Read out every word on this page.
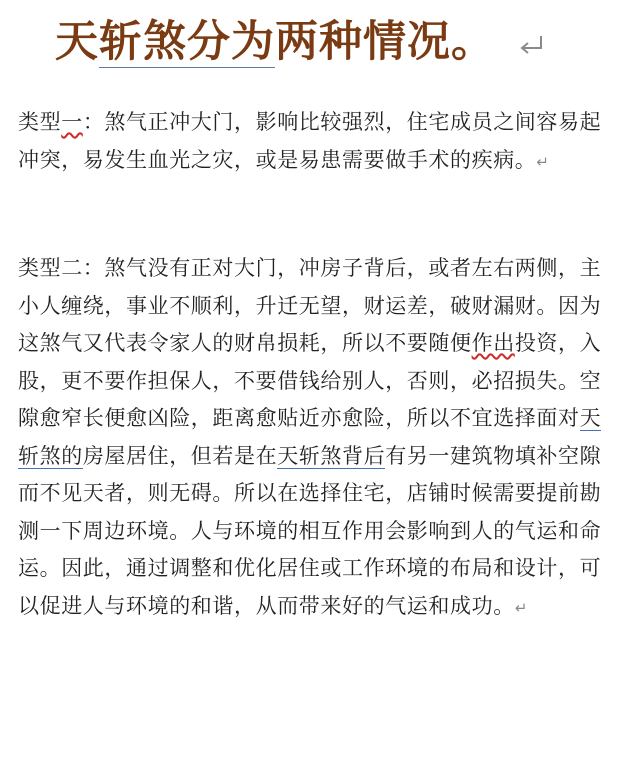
天斩煞分为两种情况。
类型一：煞气正冲大门，影响比较强烈，住宅成员之间容易起冲突，易发生血光之灾，或是易患需要做手术的疾病。↵
类型二：煞气没有正对大门，冲房子背后，或者左右两侧，主小人缠绕，事业不顺利，升迁无望，财运差，破财漏财。因为这煞气又代表令家人的财帛损耗，所以不要随便作出投资，入股，更不要作担保人，不要借钱给别人，否则，必招损失。空隙愈窄长便愈凶险，距离愈贴近亦愈险，所以不宜选择面对天斩煞的房屋居住，但若是在天斩煞背后有另一建筑物填补空隙而不见天者，则无碍。所以在选择住宅，店铺时候需要提前勘测一下周边环境。人与环境的相互作用会影响到人的气运和命运。因此，通过调整和优化居住或工作环境的布局和设计，可以促进人与环境的和谐，从而带来好的气运和成功。↵
